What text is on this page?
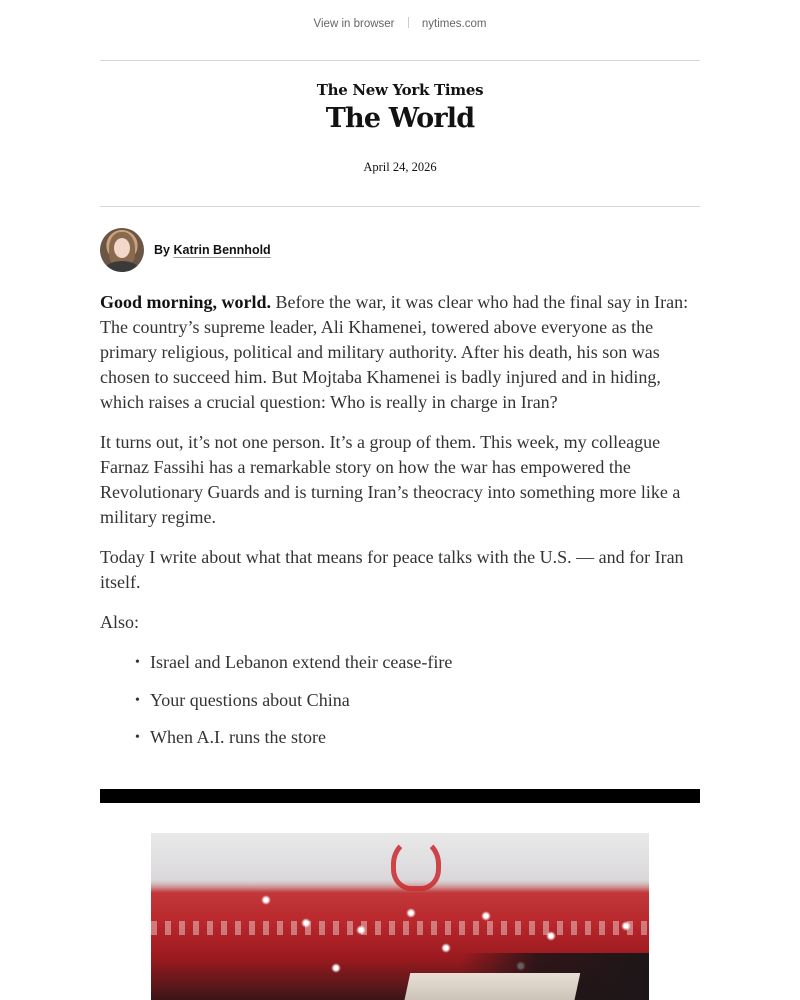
View in browser nytimes.com
The New York Times
The World
April 24, 2026
By Katrin Bennhold

Good morning, world. Before the war, it was clear who had the final say in Iran: The country’s supreme leader, Ali Khamenei, towered above everyone as the primary religious, political and military authority. After his death, his son was chosen to succeed him. But Mojtaba Khamenei is badly injured and in hiding, which raises a crucial question: Who is really in charge in Iran?

It turns out, it’s not one person. It’s a group of them. This week, my colleague Farnaz Fassihi has a remarkable story on how the war has empowered the Revolutionary Guards and is turning Iran’s theocracy into something more like a military regime.

Today I write about what that means for peace talks with the U.S. — and for Iran itself.

Also:

• Israel and Lebanon extend their cease-fire
• Your questions about China
• When A.I. runs the store
